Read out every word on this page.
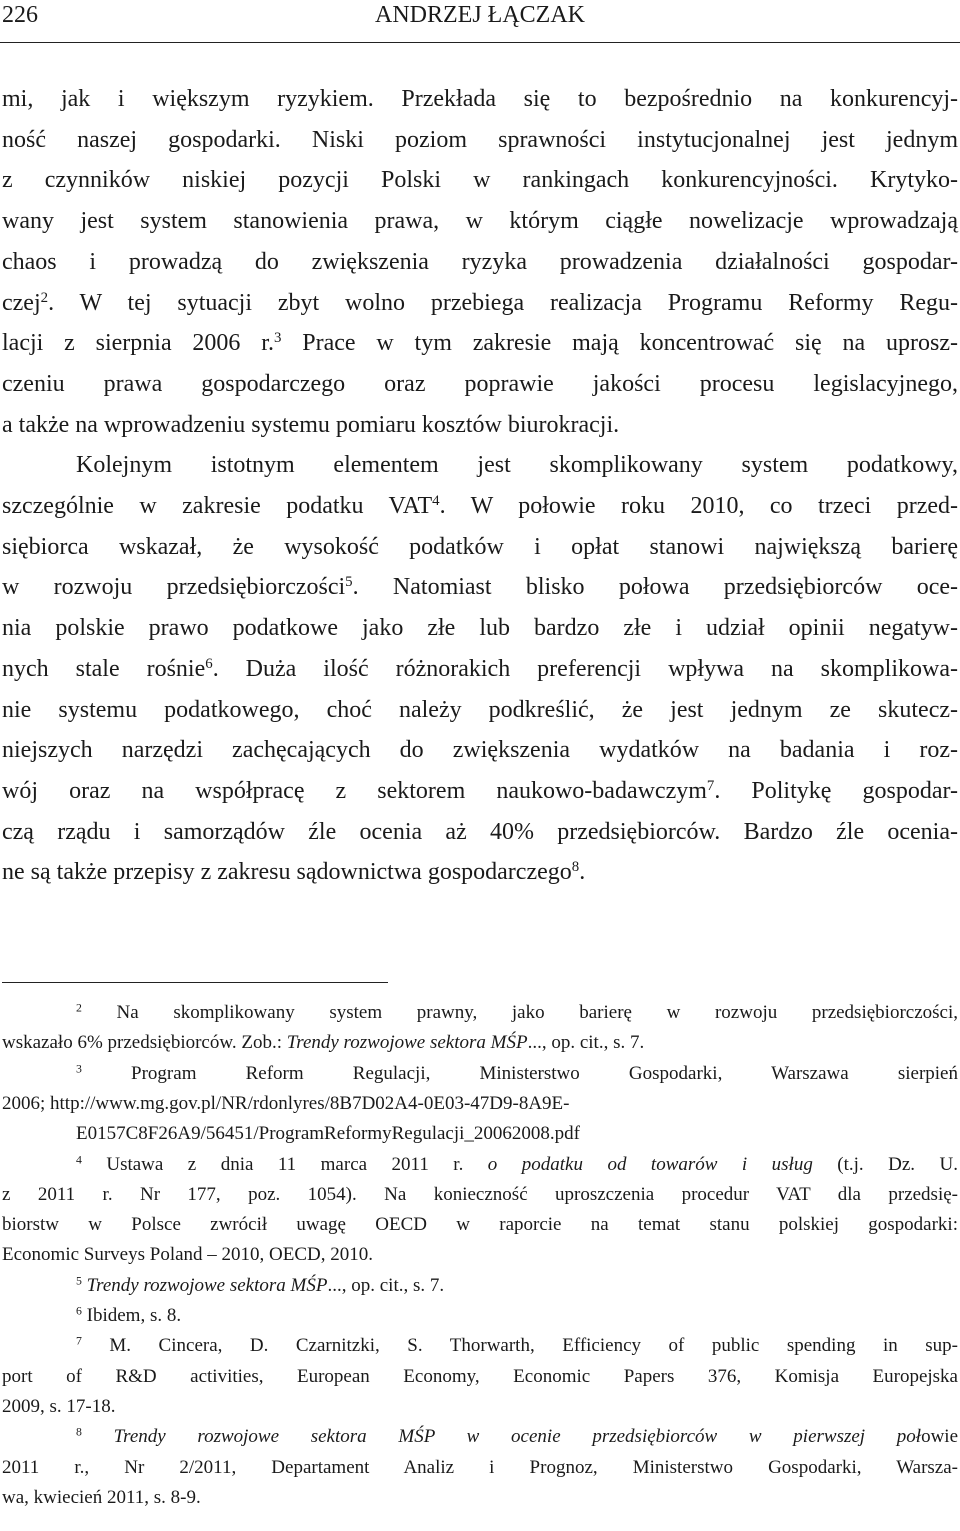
226	ANDRZEJ ŁĄCZAK
mi, jak i większym ryzykiem. Przekłada się to bezpośrednio na konkurencyj-
ność naszej gospodarki. Niski poziom sprawności instytucjonalnej jest jednym
z czynników niskiej pozycji Polski w rankingach konkurencyjności. Krytyko-
wany jest system stanowienia prawa, w którym ciągłe nowelizacje wprowadzają
chaos i prowadzą do zwiększenia ryzyka prowadzenia działalności gospodar-
czej$^2$. W tej sytuacji zbyt wolno przebiega realizacja Programu Reformy Regu-
lacji z sierpnia 2006 r.$^3$ Prace w tym zakresie mają koncentrować się na uprosz-
czeniu prawa gospodarczego oraz poprawie jakości procesu legislacyjnego,
a także na wprowadzeniu systemu pomiaru kosztów biurokracji.
Kolejnym istotnym elementem jest skomplikowany system podatkowy,
szczególnie w zakresie podatku VAT$^4$. W połowie roku 2010, co trzeci przed-
siębiorca wskazał, że wysokość podatków i opłat stanowi największą barierę
w rozwoju przedsiębiorczości$^5$. Natomiast blisko połowa przedsiębiorców oce-
nia polskie prawo podatkowe jako złe lub bardzo złe i udział opinii negatyw-
nych stale rośnie$^6$. Duża ilość różnorakich preferencji wpływa na skomplikowa-
nie systemu podatkowego, choć należy podkreślić, że jest jednym ze skutecz-
niejszych narzędzi zachęcających do zwiększenia wydatków na badania i roz-
wój oraz na współpracę z sektorem naukowo-badawczym$^7$. Politykę gospodar-
czą rządu i samorządów źle ocenia aż 40% przedsiębiorców. Bardzo źle ocenia-
ne są także przepisy z zakresu sądownictwa gospodarczego$^8$.
$^2$ Na skomplikowany system prawny, jako barierę w rozwoju przedsiębiorczości,
wskazało 6% przedsiębiorców. Zob.: Trendy rozwojowe sektora MŚP..., op. cit., s. 7.
$^3$ Program Reform Regulacji, Ministerstwo Gospodarki, Warszawa sierpień
2006; http://www.mg.gov.pl/NR/rdonlyres/8B7D02A4-0E03-47D9-8A9E-
E0157C8F26A9/56451/ProgramReformyRegulacji_20062008.pdf
$^4$ Ustawa z dnia 11 marca 2011 r. o podatku od towarów i usług (t.j. Dz. U.
z 2011 r. Nr 177, poz. 1054). Na konieczność uproszczenia procedur VAT dla przedsię-
biorstw w Polsce zwrócił uwagę OECD w raporcie na temat stanu polskiej gospodarki:
Economic Surveys Poland – 2010, OECD, 2010.
$^5$ Trendy rozwojowe sektora MŚP..., op. cit., s. 7.
$^6$ Ibidem, s. 8.
$^7$ M. Cincera, D. Czarnitzki, S. Thorwarth, Efficiency of public spending in sup-
port of R&D activities, European Economy, Economic Papers 376, Komisja Europejska
2009, s. 17-18.
$^8$ Trendy rozwojowe sektora MŚP w ocenie przedsiębiorców w pierwszej połowie
2011 r., Nr 2/2011, Departament Analiz i Prognoz, Ministerstwo Gospodarki, Warsza-
wa, kwiecień 2011, s. 8-9.
